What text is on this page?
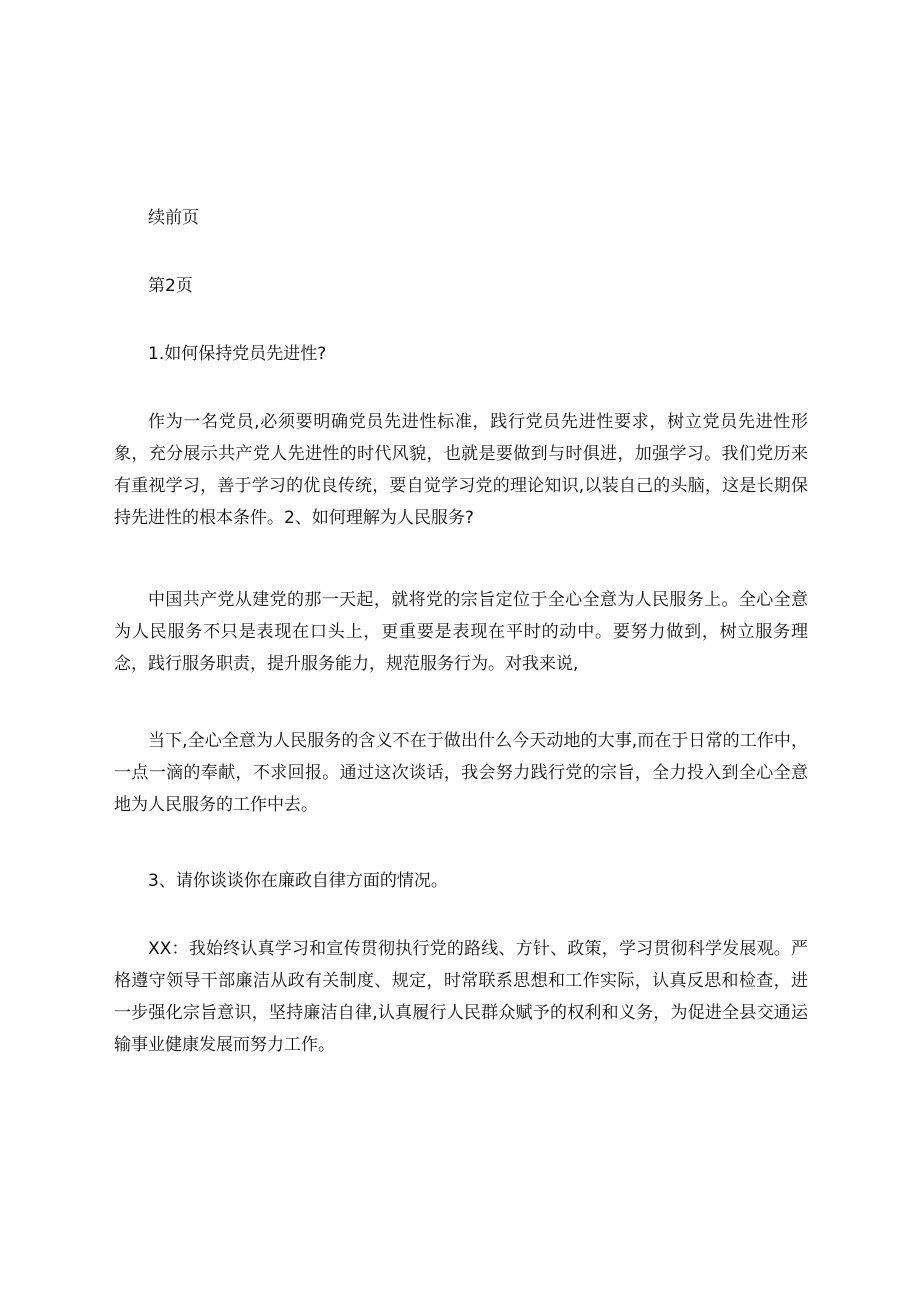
续前页

第2页

1.如何保持党员先进性?

作为一名党员,必须要明确党员先进性标准，践行党员先进性要求，树立党员先进性形象，充分展示共产党人先进性的时代风貌，也就是要做到与时俱进，加强学习。我们党历来有重视学习，善于学习的优良传统，要自觉学习党的理论知识,以装自己的头脑，这是长期保持先进性的根本条件。2、如何理解为人民服务?

中国共产党从建党的那一天起，就将党的宗旨定位于全心全意为人民服务上。全心全意为人民服务不只是表现在口头上，更重要是表现在平时的动中。要努力做到，树立服务理念，践行服务职责，提升服务能力，规范服务行为。对我来说,

当下,全心全意为人民服务的含义不在于做出什么今天动地的大事,而在于日常的工作中，一点一滴的奉献，不求回报。通过这次谈话，我会努力践行党的宗旨，全力投入到全心全意地为人民服务的工作中去。

3、请你谈谈你在廉政自律方面的情况。

XX：我始终认真学习和宣传贯彻执行党的路线、方针、政策，学习贯彻科学发展观。严格遵守领导干部廉洁从政有关制度、规定，时常联系思想和工作实际，认真反思和检查，进一步强化宗旨意识，坚持廉洁自律,认真履行人民群众赋予的权利和义务，为促进全县交通运输事业健康发展而努力工作。
